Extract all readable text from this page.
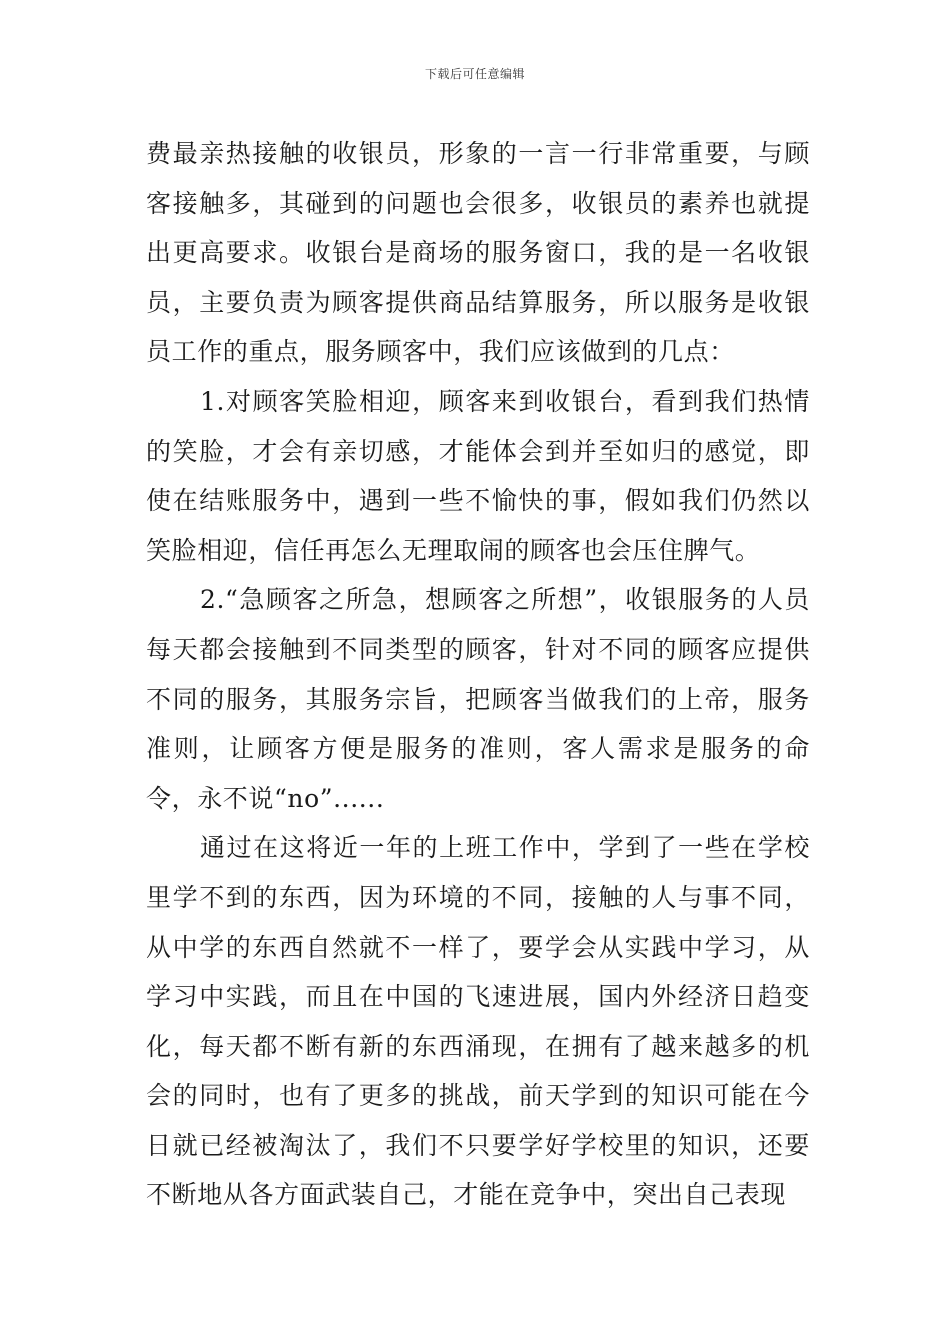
下载后可任意编辑

费最亲热接触的收银员，形象的一言一行非常重要，与顾客接触多，其碰到的问题也会很多，收银员的素养也就提出更高要求。收银台是商场的服务窗口，我的是一名收银员，主要负责为顾客提供商品结算服务，所以服务是收银员工作的重点，服务顾客中，我们应该做到的几点：

1.对顾客笑脸相迎，顾客来到收银台，看到我们热情的笑脸，才会有亲切感，才能体会到并至如归的感觉，即使在结账服务中，遇到一些不愉快的事，假如我们仍然以笑脸相迎，信任再怎么无理取闹的顾客也会压住脾气。

2.“急顾客之所急，想顾客之所想”，收银服务的人员每天都会接触到不同类型的顾客，针对不同的顾客应提供不同的服务，其服务宗旨，把顾客当做我们的上帝，服务准则，让顾客方便是服务的准则，客人需求是服务的命令，永不说“no”......

通过在这将近一年的上班工作中，学到了一些在学校里学不到的东西，因为环境的不同，接触的人与事不同，从中学的东西自然就不一样了，要学会从实践中学习，从学习中实践，而且在中国的飞速进展，国内外经济日趋变化，每天都不断有新的东西涌现，在拥有了越来越多的机会的同时，也有了更多的挑战，前天学到的知识可能在今日就已经被淘汰了，我们不只要学好学校里的知识，还要不断地从各方面武装自己，才能在竞争中，突出自己表现
